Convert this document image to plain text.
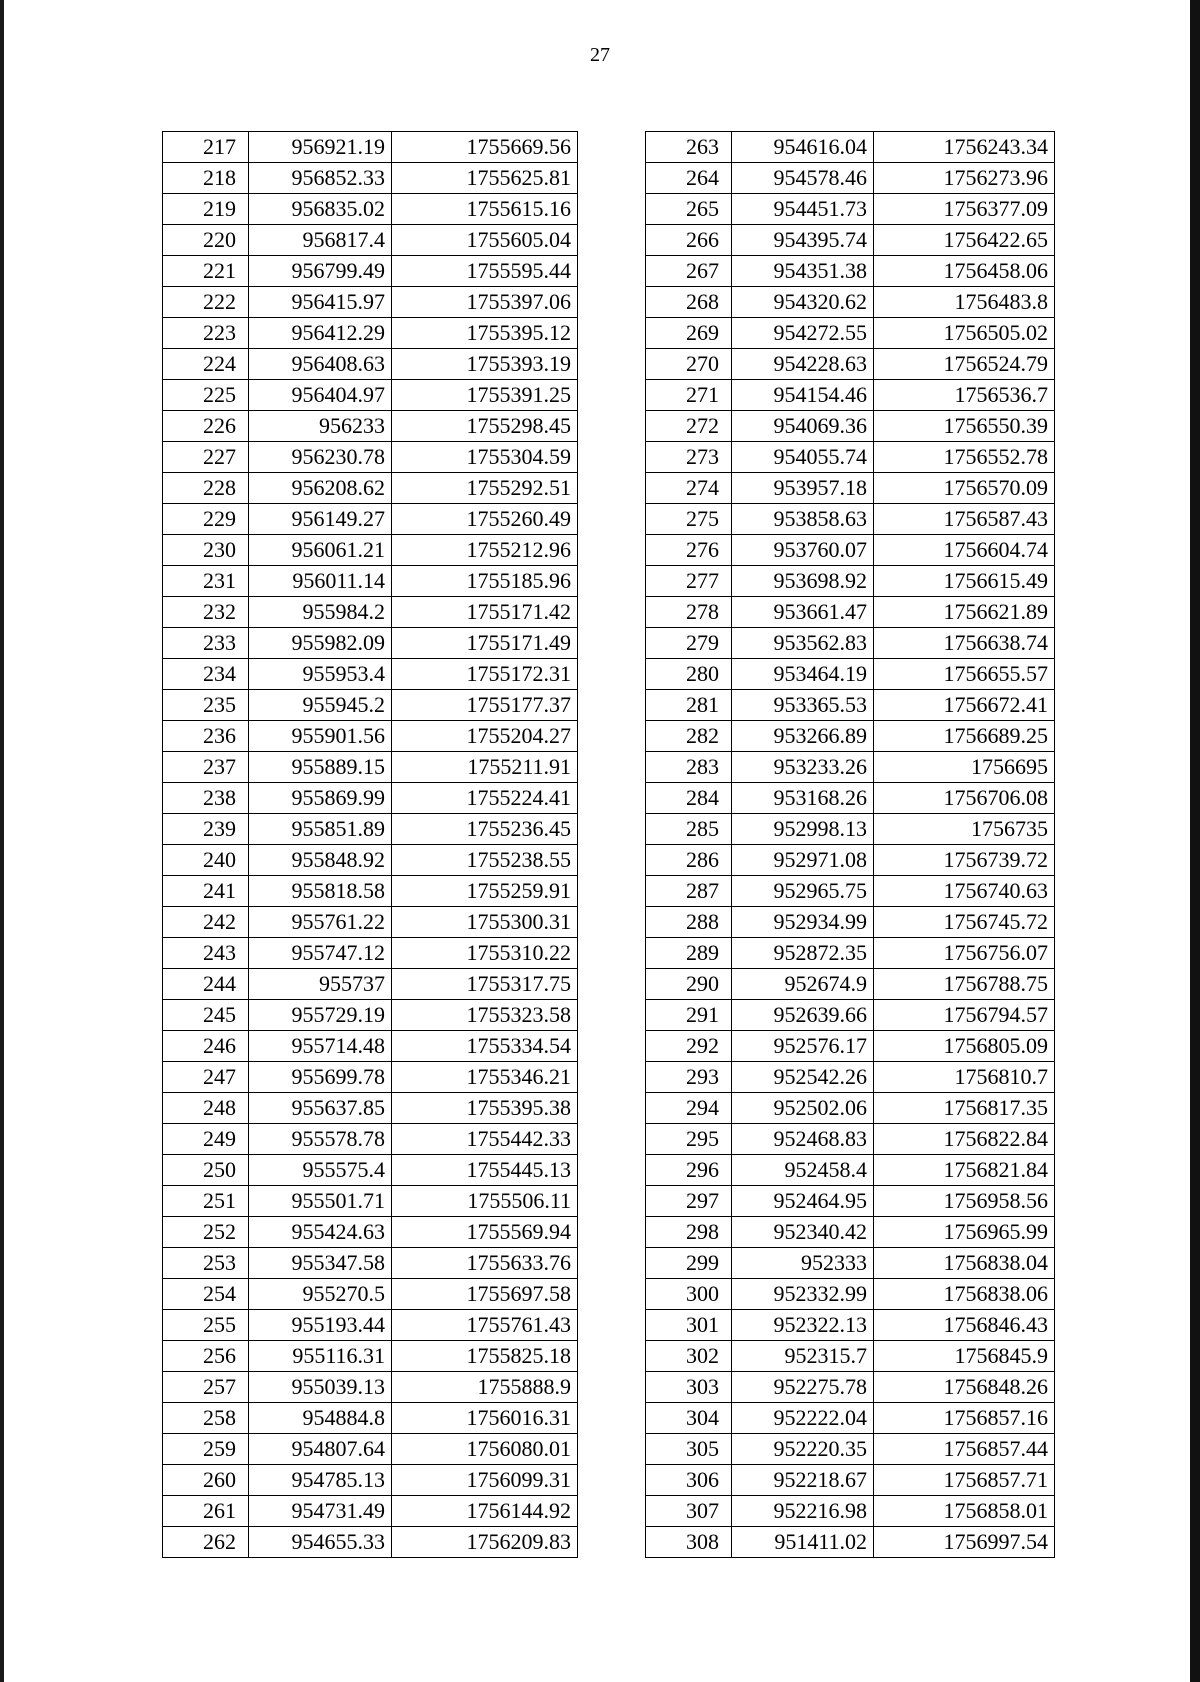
27
217	956921.19	1755669.56
218	956852.33	1755625.81
219	956835.02	1755615.16
220	956817.4	1755605.04
221	956799.49	1755595.44
222	956415.97	1755397.06
223	956412.29	1755395.12
224	956408.63	1755393.19
225	956404.97	1755391.25
226	956233	1755298.45
227	956230.78	1755304.59
228	956208.62	1755292.51
229	956149.27	1755260.49
230	956061.21	1755212.96
231	956011.14	1755185.96
232	955984.2	1755171.42
233	955982.09	1755171.49
234	955953.4	1755172.31
235	955945.2	1755177.37
236	955901.56	1755204.27
237	955889.15	1755211.91
238	955869.99	1755224.41
239	955851.89	1755236.45
240	955848.92	1755238.55
241	955818.58	1755259.91
242	955761.22	1755300.31
243	955747.12	1755310.22
244	955737	1755317.75
245	955729.19	1755323.58
246	955714.48	1755334.54
247	955699.78	1755346.21
248	955637.85	1755395.38
249	955578.78	1755442.33
250	955575.4	1755445.13
251	955501.71	1755506.11
252	955424.63	1755569.94
253	955347.58	1755633.76
254	955270.5	1755697.58
255	955193.44	1755761.43
256	955116.31	1755825.18
257	955039.13	1755888.9
258	954884.8	1756016.31
259	954807.64	1756080.01
260	954785.13	1756099.31
261	954731.49	1756144.92
262	954655.33	1756209.83
263	954616.04	1756243.34
264	954578.46	1756273.96
265	954451.73	1756377.09
266	954395.74	1756422.65
267	954351.38	1756458.06
268	954320.62	1756483.8
269	954272.55	1756505.02
270	954228.63	1756524.79
271	954154.46	1756536.7
272	954069.36	1756550.39
273	954055.74	1756552.78
274	953957.18	1756570.09
275	953858.63	1756587.43
276	953760.07	1756604.74
277	953698.92	1756615.49
278	953661.47	1756621.89
279	953562.83	1756638.74
280	953464.19	1756655.57
281	953365.53	1756672.41
282	953266.89	1756689.25
283	953233.26	1756695
284	953168.26	1756706.08
285	952998.13	1756735
286	952971.08	1756739.72
287	952965.75	1756740.63
288	952934.99	1756745.72
289	952872.35	1756756.07
290	952674.9	1756788.75
291	952639.66	1756794.57
292	952576.17	1756805.09
293	952542.26	1756810.7
294	952502.06	1756817.35
295	952468.83	1756822.84
296	952458.4	1756821.84
297	952464.95	1756958.56
298	952340.42	1756965.99
299	952333	1756838.04
300	952332.99	1756838.06
301	952322.13	1756846.43
302	952315.7	1756845.9
303	952275.78	1756848.26
304	952222.04	1756857.16
305	952220.35	1756857.44
306	952218.67	1756857.71
307	952216.98	1756858.01
308	951411.02	1756997.54
